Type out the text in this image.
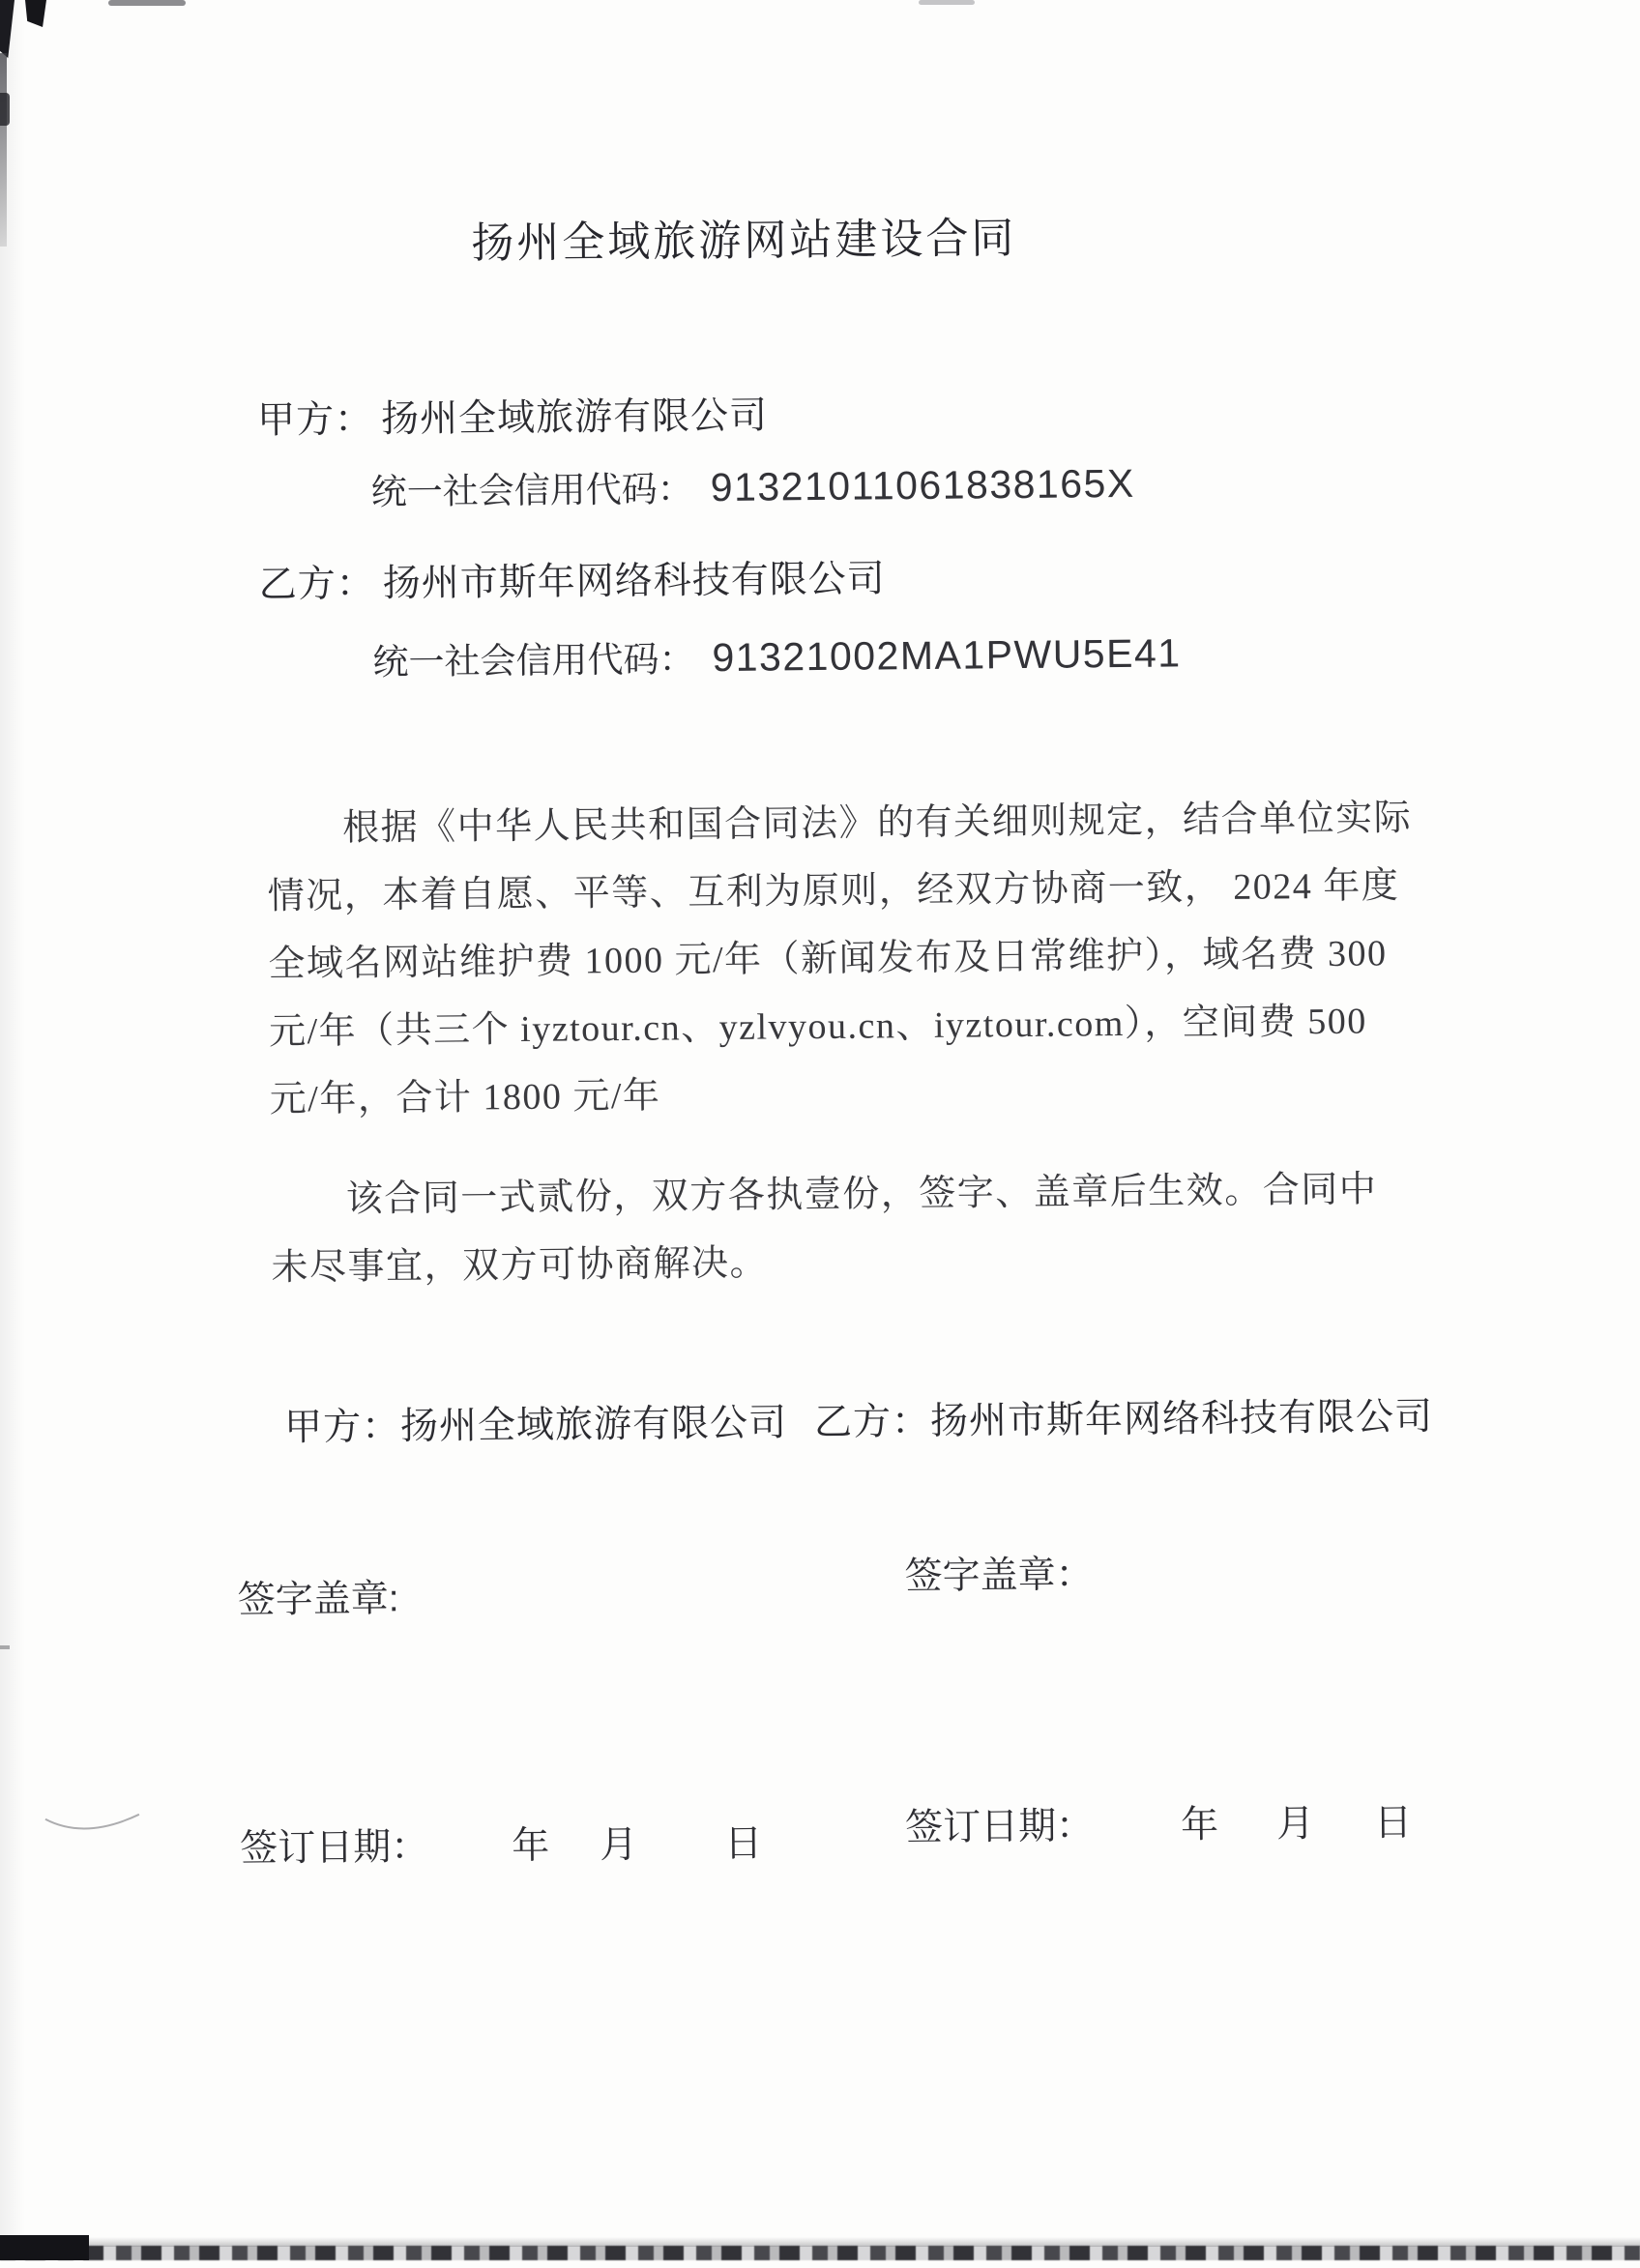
扬州全域旅游网站建设合同
甲方： 扬州全域旅游有限公司
统一社会信用代码： 91321011061838165X
乙方： 扬州市斯年网络科技有限公司
统一社会信用代码： 91321002MA1PWU5E41
根据《中华人民共和国合同法》的有关细则规定，结合单位实际
情况，本着自愿、平等、互利为原则，经双方协商一致， 2024 年度
全域名网站维护费 1000 元/年（新闻发布及日常维护），域名费 300
元/年（共三个 iyztour.cn、yzlvyou.cn、iyztour.com），空间费 500
元/年，合计 1800 元/年
该合同一式贰份，双方各执壹份，签字、盖章后生效。合同中
未尽事宜，双方可协商解决。
甲方：扬州全域旅游有限公司 乙方：扬州市斯年网络科技有限公司
签字盖章:
签字盖章：
签订日期： 年 月 日	签订日期： 年 月 日
